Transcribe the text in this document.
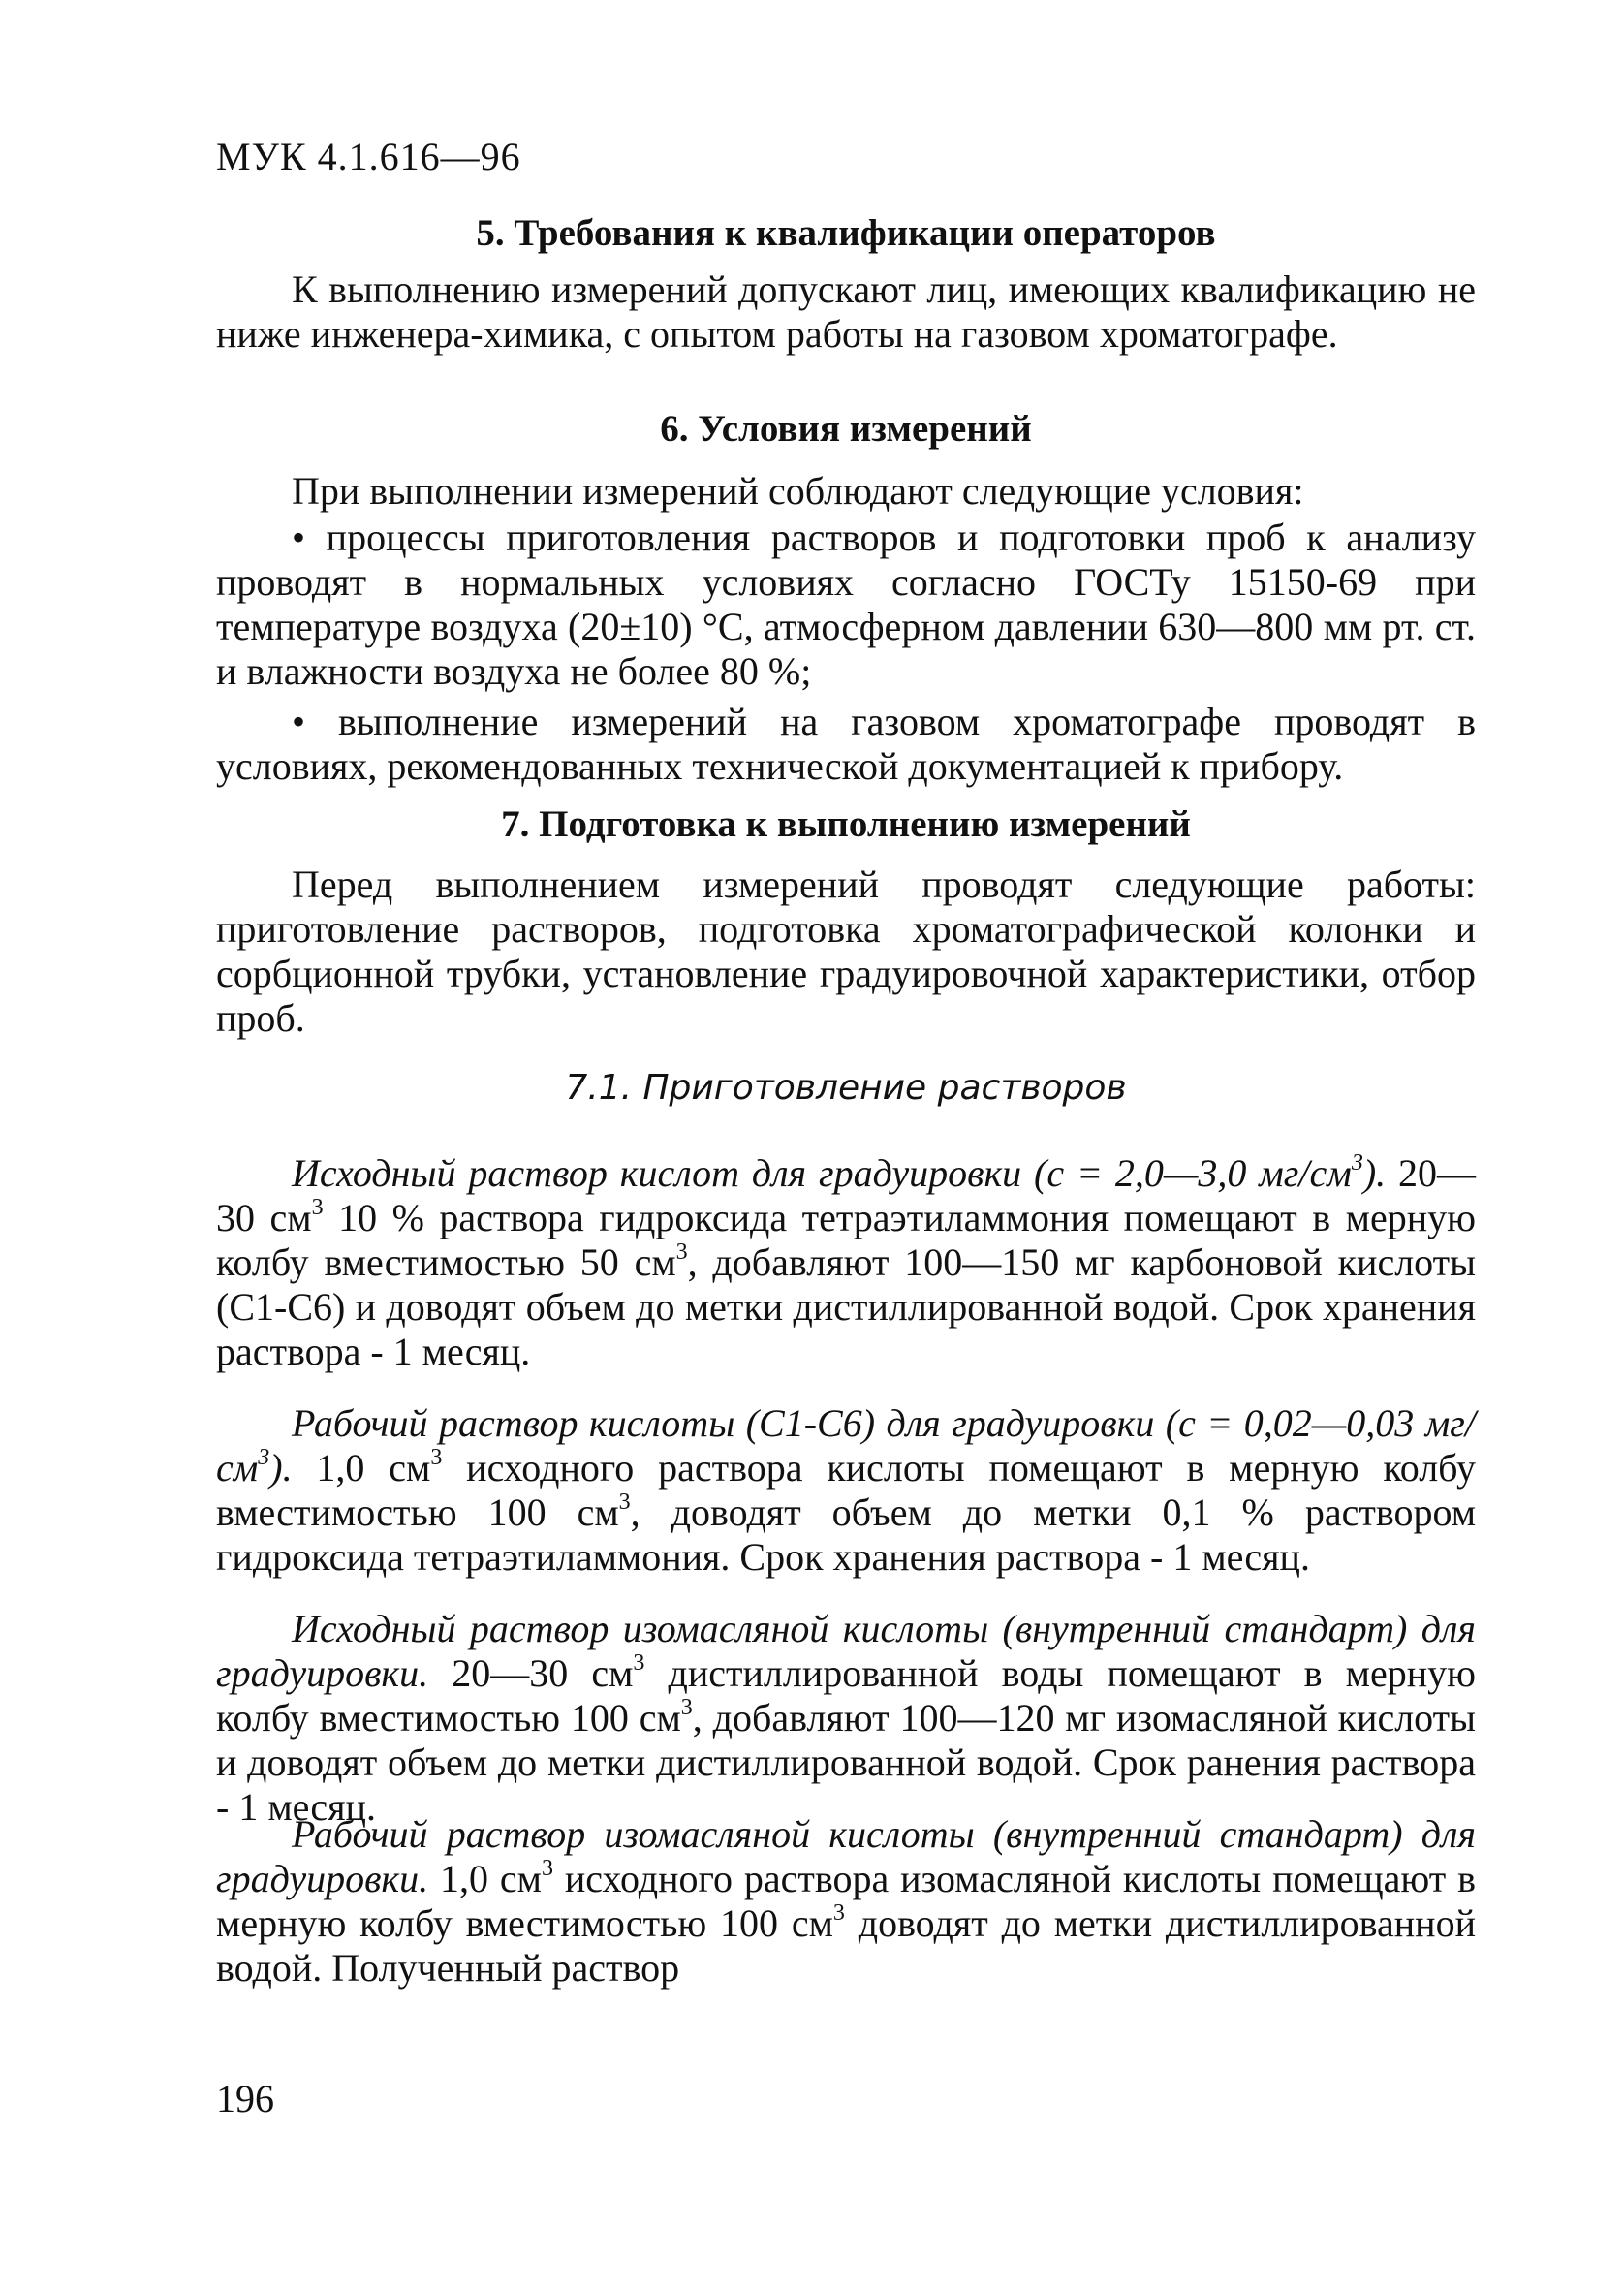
МУК 4.1.616—96
5. Требования к квалификации операторов

К выполнению измерений допускают лиц, имеющих квалификацию не ниже инженера-химика, с опытом работы на газовом хроматографе.

6. Условия измерений

При выполнении измерений соблюдают следующие условия:

• процессы приготовления растворов и подготовки проб к анализу проводят в нормальных условиях согласно ГОСТу 15150-69 при температуре воздуха (20±10) °С, атмосферном давлении 630—800 мм рт. ст. и влажности воздуха не более 80 %;

• выполнение измерений на газовом хроматографе проводят в условиях, рекомендованных технической документацией к прибору.

7. Подготовка к выполнению измерений

Перед выполнением измерений проводят следующие работы: приготовление растворов, подготовка хроматографической колонки и сорбционной трубки, установление градуировочной характеристики, отбор проб.

7.1. Приготовление растворов

Исходный раствор кислот для градуировки (с = 2,0—3,0 $мг/см^3$). 20—30 $см^3$ 10 % раствора гидроксида тетраэтиламмония помещают в мерную колбу вместимостью 50 $см^3$, добавляют 100—150 мг карбоновой кислоты (С1-С6) и доводят объем до метки дистиллированной водой. Срок хранения раствора - 1 месяц.

Рабочий раствор кислоты (С1-С6) для градуировки (с = 0,02—0,03 $мг/см^3$). 1,0 $см^3$ исходного раствора кислоты помещают в мерную колбу вместимостью 100 $см^3$, доводят объем до метки 0,1 % раствором гидроксида тетраэтиламмония. Срок хранения раствора - 1 месяц.

Исходный раствор изомасляной кислоты (внутренний стандарт) для градуировки. 20—30 $см^3$ дистиллированной воды помещают в мерную колбу вместимостью 100 $см^3$, добавляют 100—120 мг изомасляной кислоты и доводят объем до метки дистиллированной водой. Срок ранения раствора - 1 месяц.

Рабочий раствор изомасляной кислоты (внутренний стандарт) для градуировки. 1,0 $см^3$ исходного раствора изомасляной кислоты помещают в мерную колбу вместимостью 100 $см^3$ доводят до метки дистиллированной водой. Полученный раствор

196
